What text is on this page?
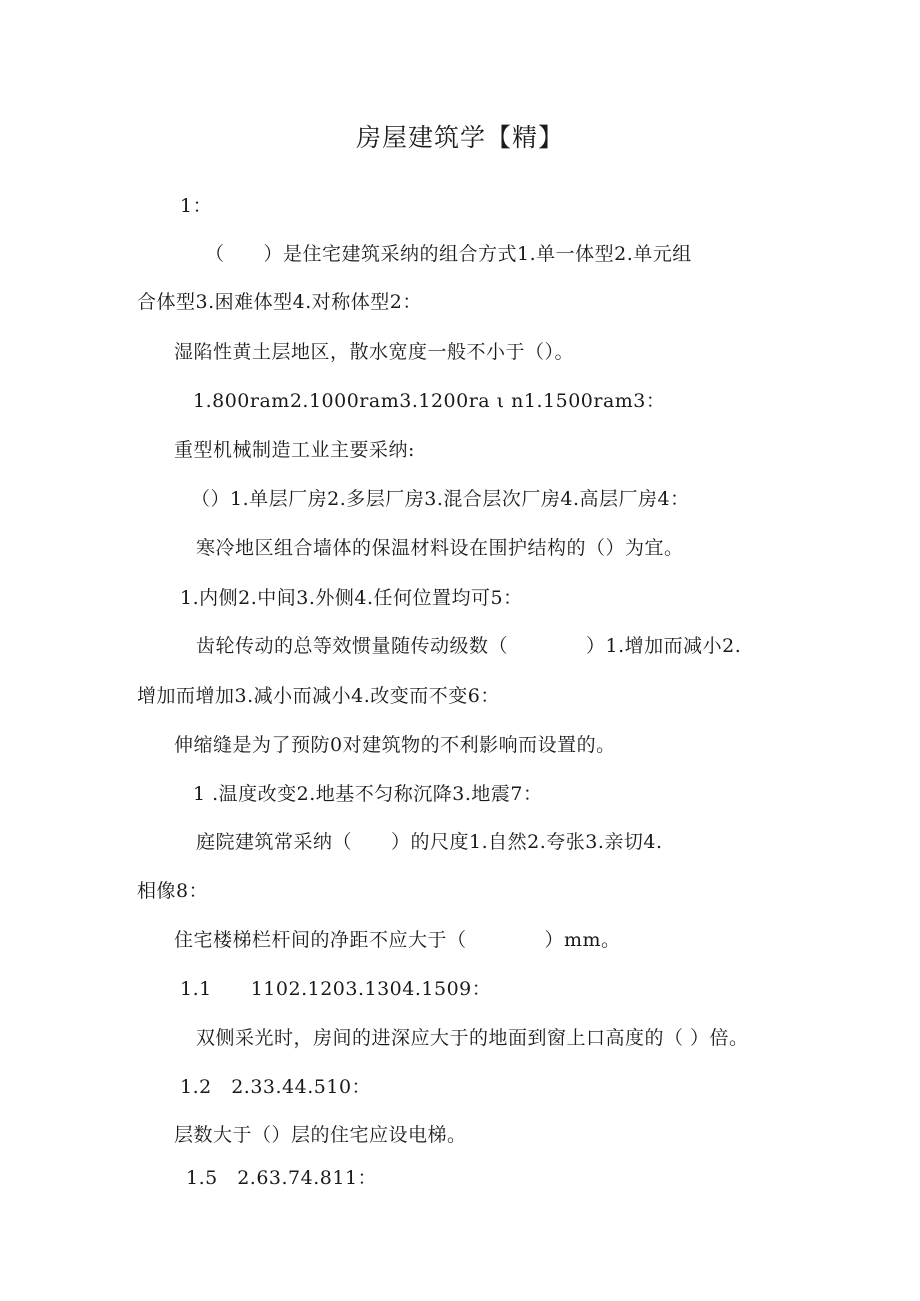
房屋建筑学【精】
1：
（　　）是住宅建筑采纳的组合方式1.单一体型2.单元组
合体型3.困难体型4.对称体型2：
湿陷性黄土层地区，散水宽度一般不小于（）。
1.800ram2.1000ram3.1200ra ι n1.1500ram3：
重型机械制造工业主要采纳:
（）1.单层厂房2.多层厂房3.混合层次厂房4.高层厂房4：
寒冷地区组合墙体的保温材料设在围护结构的（）为宜。
1.内侧2.中间3.外侧4.任何位置均可5：
齿轮传动的总等效惯量随传动级数（　　　　）1.增加而减小2.
增加而增加3.减小而减小4.改变而不变6：
伸缩缝是为了预防0对建筑物的不利影响而设置的。
1 .温度改变2.地基不匀称沉降3.地震7：
庭院建筑常采纳（　　）的尺度1.自然2.夸张3.亲切4.
相像8：
住宅楼梯栏杆间的净距不应大于（　　　　）mm。
1.1　　1102.1203.1304.1509：
双侧采光时，房间的进深应大于的地面到窗上口高度的（ ）倍。
1.2　2.33.44.510：
层数大于（）层的住宅应设电梯。
1.5　2.63.74.811：
